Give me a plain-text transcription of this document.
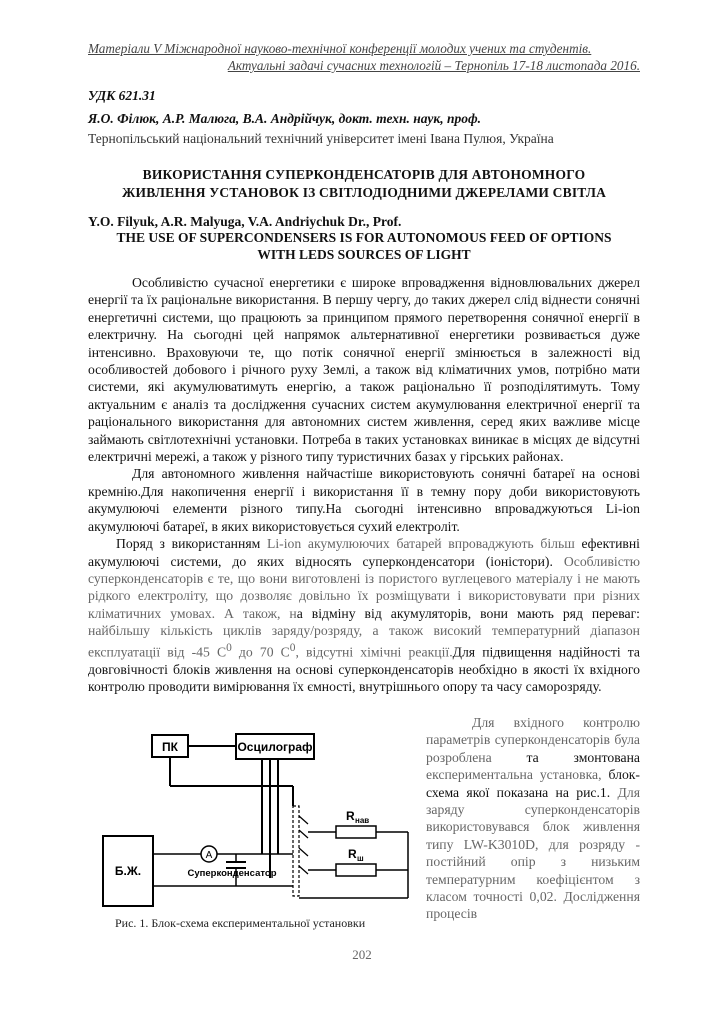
Матеріали V Міжнародної науково-технічної конференції молодих учених та студентів.
Актуальні задачі сучасних технологій – Тернопіль 17-18 листопада 2016.
УДК 621.31
Я.О. Філюк, А.Р. Малюга, В.А. Андрійчук, докт. техн. наук, проф.
Тернопільський національний технічний університет імені Івана Пулюя, Україна
ВИКОРИСТАННЯ СУПЕРКОНДЕНСАТОРІВ ДЛЯ АВТОНОМНОГО
ЖИВЛЕННЯ УСТАНОВОК ІЗ СВІТЛОДІОДНИМИ ДЖЕРЕЛАМИ СВІТЛА
Y.O. Filyuk, A.R. Malyuga, V.A. Andriychuk Dr., Prof.
THE USE OF SUPERCONDENSERS IS FOR AUTONOMOUS FEED OF OPTIONS
WITH LEDS SOURCES OF LIGHT

Особливістю сучасної енергетики є широке впровадження відновлювальних джерел енергії та їх раціональне використання. В першу чергу, до таких джерел слід віднести сонячні енергетичні системи, що працюють за принципом прямого перетворення сонячної енергії в електричну. На сьогодні цей напрямок альтернативної енергетики розвивається дуже інтенсивно. Враховуючи те, що потік сонячної енергії змінюється в залежності від особливостей добового і річного руху Землі, а також від кліматичних умов, потрібно мати системи, які акумулюватимуть енергію, а також раціонально її розподілятимуть. Тому актуальним є аналіз та дослідження сучасних систем акумулювання електричної енергії та раціонального використання для автономних систем живлення, серед яких важливе місце займають світлотехнічні установки. Потреба в таких установках виникає в місцях де відсутні електричні мережі, а також у різного типу туристичних базах у гірських районах.

Для автономного живлення найчастіше використовують сонячні батареї на основі кремнію.Для накопичення енергії і використання її в темну пору доби використовують акумулюючі елементи різного типу.На сьогодні інтенсивно впроваджуються Li-ion акумулюючі батареї, в яких використовується сухий електроліт.

Поряд з використанням Li-ion акумулюючих батарей впроваджують більш ефективні акумулюючі системи, до яких відносять суперконденсатори (іоністори). Особливістю суперконденсаторів є те, що вони виготовлені із пористого вуглецевого матеріалу і не мають рідкого електроліту, що дозволяє довільно їх розміщувати і використовувати при різних кліматичних умовах. А також, на відміну від акумуляторів, вони мають ряд переваг: найбільшу кількість циклів заряду/розряду, а також високий температурний діапазон експлуатації від -45 $С^0$ до 70 $С^0$, відсутні хімічні реакції.Для підвищення надійності та довговічності блоків живлення на основі суперконденсаторів необхідно в якості їх вхідного контролю проводити вимірювання їх ємності, внутрішнього опору та часу саморозряду.

Для вхідного контролю параметрів суперконденсаторів була розроблена та змонтована експериментальна установка, блок-схема якої показана на рис.1. Для заряду суперконденсаторів використовувався блок живлення типу LW-K3010D, для розряду - постійний опір з низьким температурним коефіцієнтом з класом точності 0,02. Дослідження процесів

ПК	Осцилограф
Б.Ж.
A
Суперконденсатор
R нав
R ш
Рис. 1. Блок-схема експериментальної установки
202
